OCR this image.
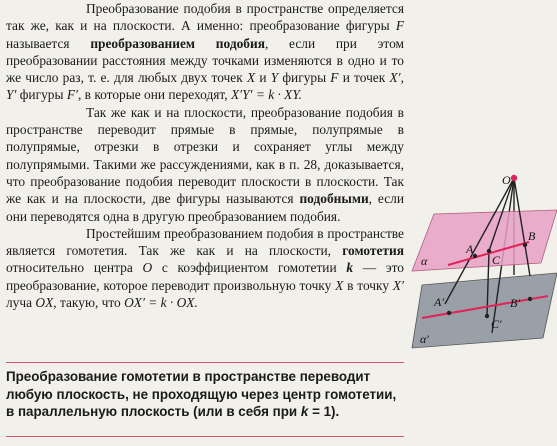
Преобразование подобия в пространстве определяется так же, как и на плоскости. А именно: преобразование фигуры F называется преобразованием подобия, если при этом преобразовании расстояния между точками изменяются в одно и то же число раз, т. е. для любых двух точек X и Y фигуры F и точек X′, Y′ фигуры F′, в которые они переходят, X′Y′ = k · XY.

Так же как и на плоскости, преобразование подобия в пространстве переводит прямые в прямые, полупрямые в полупрямые, отрезки в отрезки и сохраняет углы между полупрямыми. Такими же рассуждениями, как в п. 28, доказывается, что преобразование подобия переводит плоскости в плоскости. Так же как и на плоскости, две фигуры называются подобными, если они переводятся одна в другую преобразованием подобия.

Простейшим преобразованием подобия в пространстве является гомотетия. Так же как и на плоскости, гомотетия относительно центра O с коэффициентом гомотетии k — это преобразование, которое переводит произвольную точку X в точку X′ луча OX, такую, что OX′ = k · OX.

Преобразование гомотетии в пространстве переводит любую плоскость, не проходящую через центр гомотетии, в параллельную плоскость (или в себя при k = 1).
O
A
C
B
α
A′	B′
C′
α′
